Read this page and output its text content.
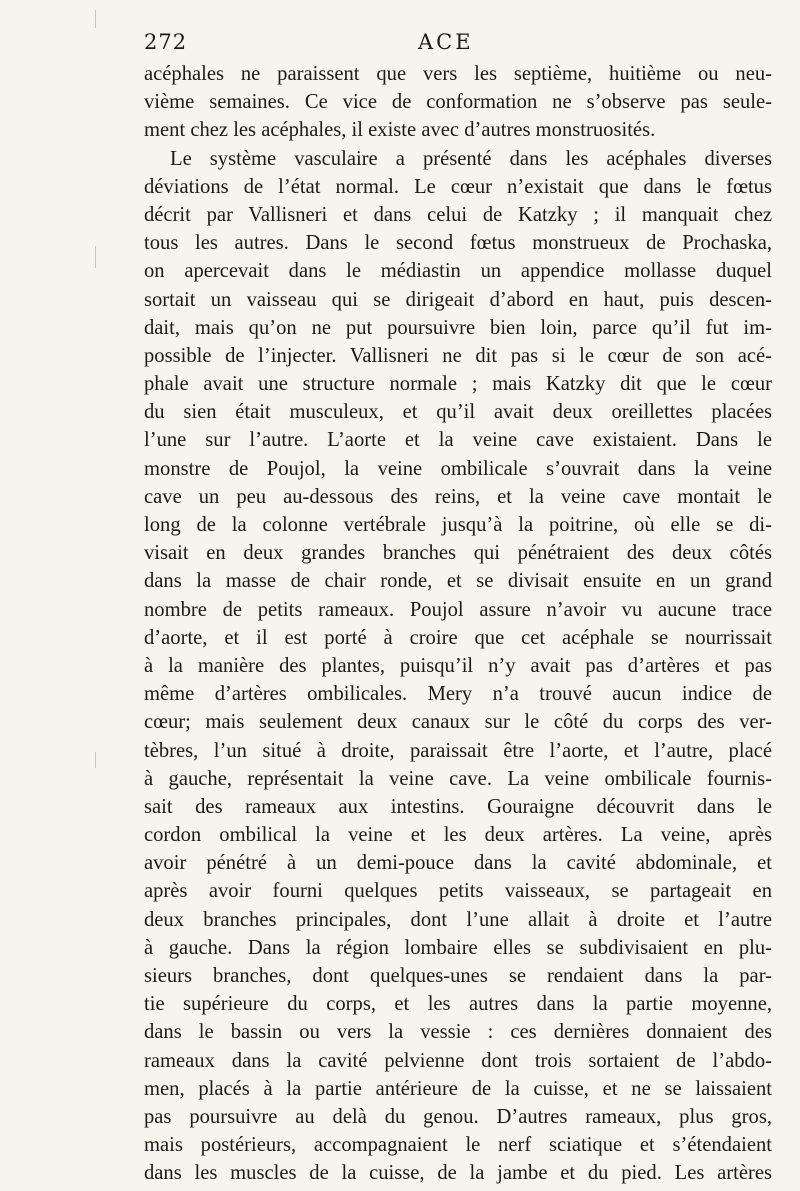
272	ACE
acéphales ne paraissent que vers les septième, huitième ou neu-
vième semaines. Ce vice de conformation ne s’observe pas seule-
ment chez les acéphales, il existe avec d’autres monstruosités.
Le système vasculaire a présenté dans les acéphales diverses
déviations de l’état normal. Le cœur n’existait que dans le fœtus
décrit par Vallisneri et dans celui de Katzky ; il manquait chez
tous les autres. Dans le second fœtus monstrueux de Prochaska,
on apercevait dans le médiastin un appendice mollasse duquel
sortait un vaisseau qui se dirigeait d’abord en haut, puis descen-
dait, mais qu’on ne put poursuivre bien loin, parce qu’il fut im-
possible de l’injecter. Vallisneri ne dit pas si le cœur de son acé-
phale avait une structure normale ; mais Katzky dit que le cœur
du sien était musculeux, et qu’il avait deux oreillettes placées
l’une sur l’autre. L’aorte et la veine cave existaient. Dans le
monstre de Poujol, la veine ombilicale s’ouvrait dans la veine
cave un peu au-dessous des reins, et la veine cave montait le
long de la colonne vertébrale jusqu’à la poitrine, où elle se di-
visait en deux grandes branches qui pénétraient des deux côtés
dans la masse de chair ronde, et se divisait ensuite en un grand
nombre de petits rameaux. Poujol assure n’avoir vu aucune trace
d’aorte, et il est porté à croire que cet acéphale se nourrissait
à la manière des plantes, puisqu’il n’y avait pas d’artères et pas
même d’artères ombilicales. Mery n’a trouvé aucun indice de
cœur; mais seulement deux canaux sur le côté du corps des ver-
tèbres, l’un situé à droite, paraissait être l’aorte, et l’autre, placé
à gauche, représentait la veine cave. La veine ombilicale fournis-
sait des rameaux aux intestins. Gouraigne découvrit dans le
cordon ombilical la veine et les deux artères. La veine, après
avoir pénétré à un demi-pouce dans la cavité abdominale, et
après avoir fourni quelques petits vaisseaux, se partageait en
deux branches principales, dont l’une allait à droite et l’autre
à gauche. Dans la région lombaire elles se subdivisaient en plu-
sieurs branches, dont quelques-unes se rendaient dans la par-
tie supérieure du corps, et les autres dans la partie moyenne,
dans le bassin ou vers la vessie : ces dernières donnaient des
rameaux dans la cavité pelvienne dont trois sortaient de l’abdo-
men, placés à la partie antérieure de la cuisse, et ne se laissaient
pas poursuivre au delà du genou. D’autres rameaux, plus gros,
mais postérieurs, accompagnaient le nerf sciatique et s’étendaient
dans les muscles de la cuisse, de la jambe et du pied. Les artères
